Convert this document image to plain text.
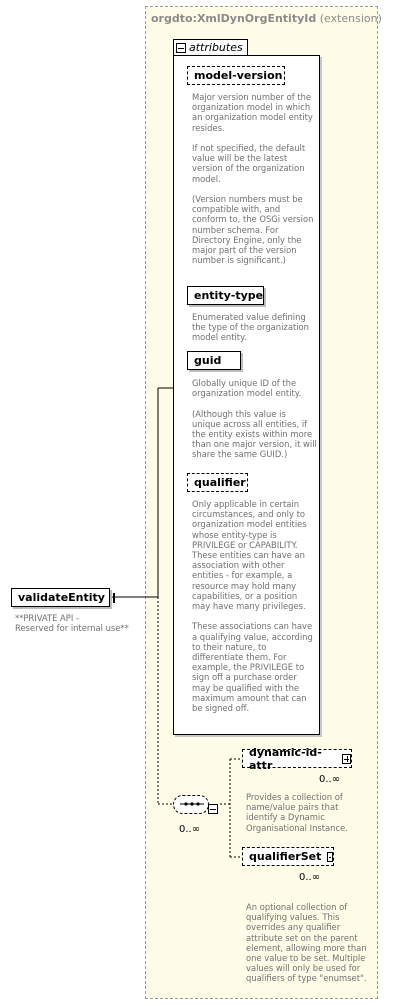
orgdto:XmlDynOrgEntityId (extension)
attributes
model-version
Major version number of the organization model in which an organization model entity resides.

If not specified, the default value will be the latest version of the organization model.

(Version numbers must be compatible with, and conform to, the OSGi version number schema. For Directory Engine, only the major part of the version number is significant.)
entity-type
Enumerated value defining the type of the organization model entity.
guid
Globally unique ID of the organization model entity.

(Although this value is unique across all entities, if the entity exists within more than one major version, it will share the same GUID.)
qualifier
Only applicable in certain circumstances, and only to organization model entities whose entity-type is PRIVILEGE or CAPABILITY. These entities can have an association with other entities - for example, a resource may hold many capabilities, or a position may have many privileges.

These associations can have a qualifying value, according to their nature, to differentiate them. For example, the PRIVILEGE to sign off a purchase order may be qualified with the maximum amount that can be signed off.
validateEntity
**PRIVATE API -
Reserved for internal use**
0..∞
dynamic-id-attr
0..∞
Provides a collection of name/value pairs that identify a Dynamic Organisational Instance.
qualifierSet
0..∞
An optional collection of qualifying values. This overrides any qualifier attribute set on the parent element, allowing more than one value to be set. Multiple values will only be used for qualifiers of type "enumset".
